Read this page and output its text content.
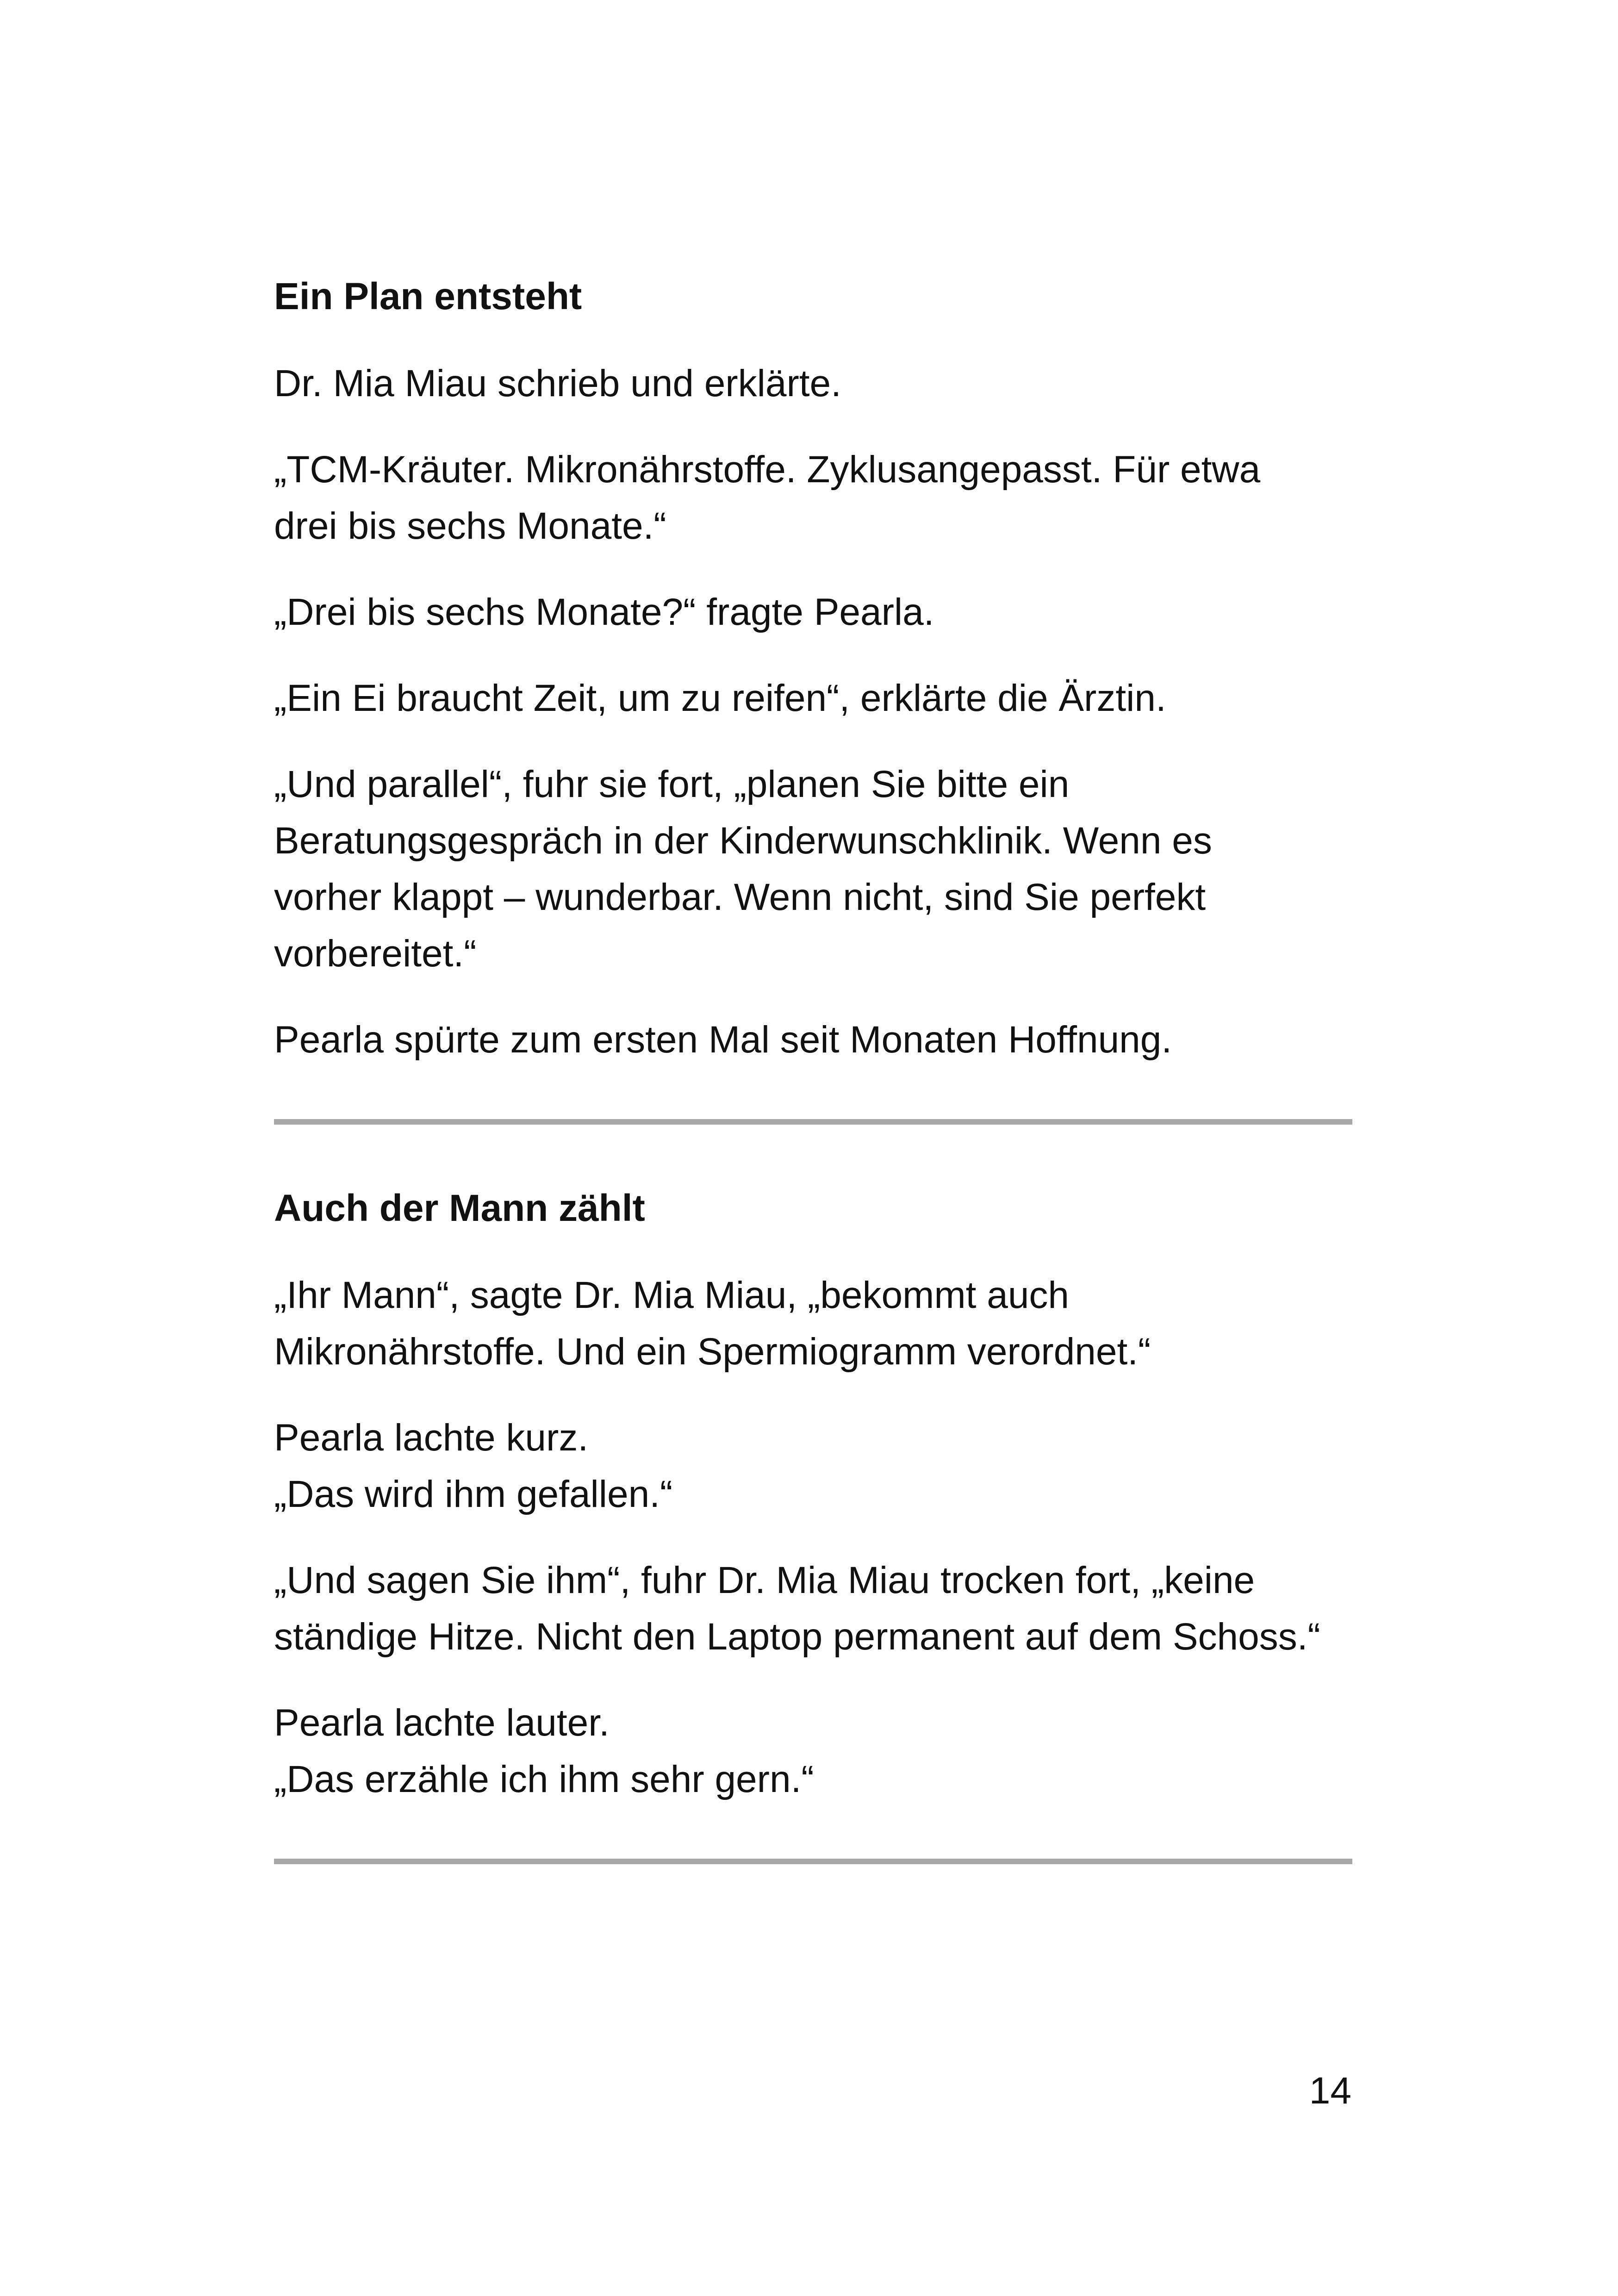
Ein Plan entsteht

Dr. Mia Miau schrieb und erklärte.

„TCM-Kräuter. Mikronährstoffe. Zyklusangepasst. Für etwa
drei bis sechs Monate.“

„Drei bis sechs Monate?“ fragte Pearla.

„Ein Ei braucht Zeit, um zu reifen“, erklärte die Ärztin.

„Und parallel“, fuhr sie fort, „planen Sie bitte ein
Beratungsgespräch in der Kinderwunschklinik. Wenn es
vorher klappt – wunderbar. Wenn nicht, sind Sie perfekt
vorbereitet.“

Pearla spürte zum ersten Mal seit Monaten Hoffnung.

Auch der Mann zählt

„Ihr Mann“, sagte Dr. Mia Miau, „bekommt auch
Mikronährstoffe. Und ein Spermiogramm verordnet.“

Pearla lachte kurz.
„Das wird ihm gefallen.“

„Und sagen Sie ihm“, fuhr Dr. Mia Miau trocken fort, „keine
ständige Hitze. Nicht den Laptop permanent auf dem Schoss.“

Pearla lachte lauter.
„Das erzähle ich ihm sehr gern.“

14
